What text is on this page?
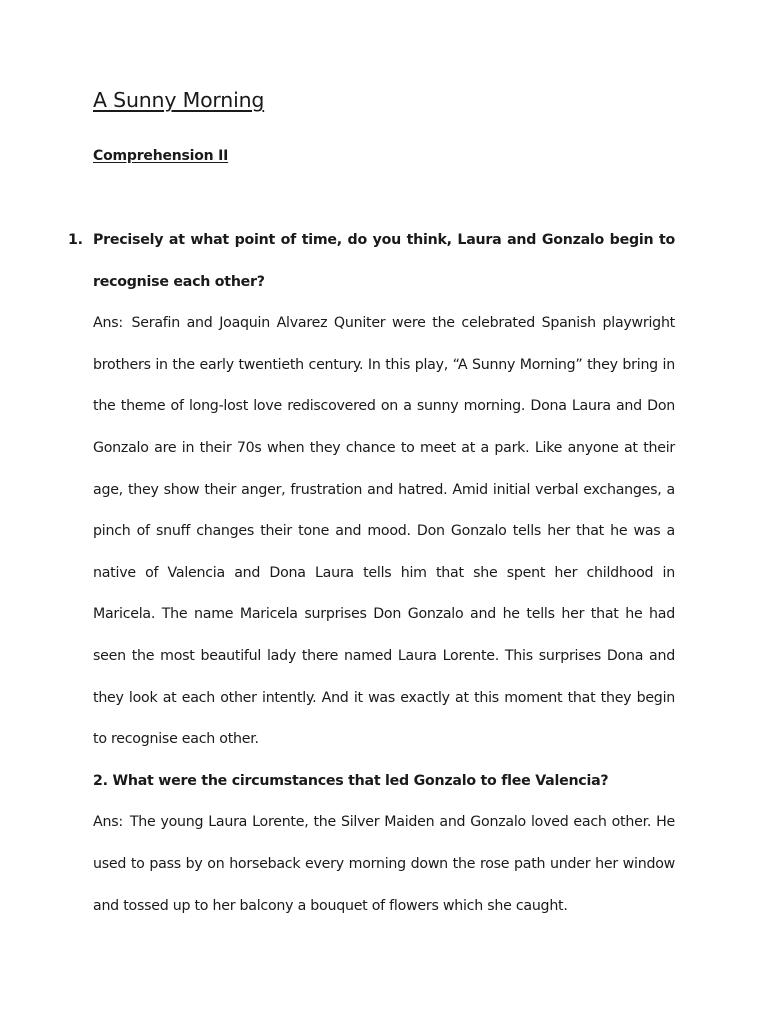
A Sunny Morning
Comprehension II

1. Precisely at what point of time, do you think, Laura and Gonzalo begin to recognise each other?

Ans: Serafin and Joaquin Alvarez Quniter were the celebrated Spanish playwright brothers in the early twentieth century. In this play, “A Sunny Morning” they bring in the theme of long-lost love rediscovered on a sunny morning. Dona Laura and Don Gonzalo are in their 70s when they chance to meet at a park. Like anyone at their age, they show their anger, frustration and hatred. Amid initial verbal exchanges, a pinch of snuff changes their tone and mood. Don Gonzalo tells her that he was a native of Valencia and Dona Laura tells him that she spent her childhood in Maricela. The name Maricela surprises Don Gonzalo and he tells her that he had seen the most beautiful lady there named Laura Lorente. This surprises Dona and they look at each other intently. And it was exactly at this moment that they begin to recognise each other.

2. What were the circumstances that led Gonzalo to flee Valencia?

Ans: The young Laura Lorente, the Silver Maiden and Gonzalo loved each other. He used to pass by on horseback every morning down the rose path under her window and tossed up to her balcony a bouquet of flowers which she caught.
